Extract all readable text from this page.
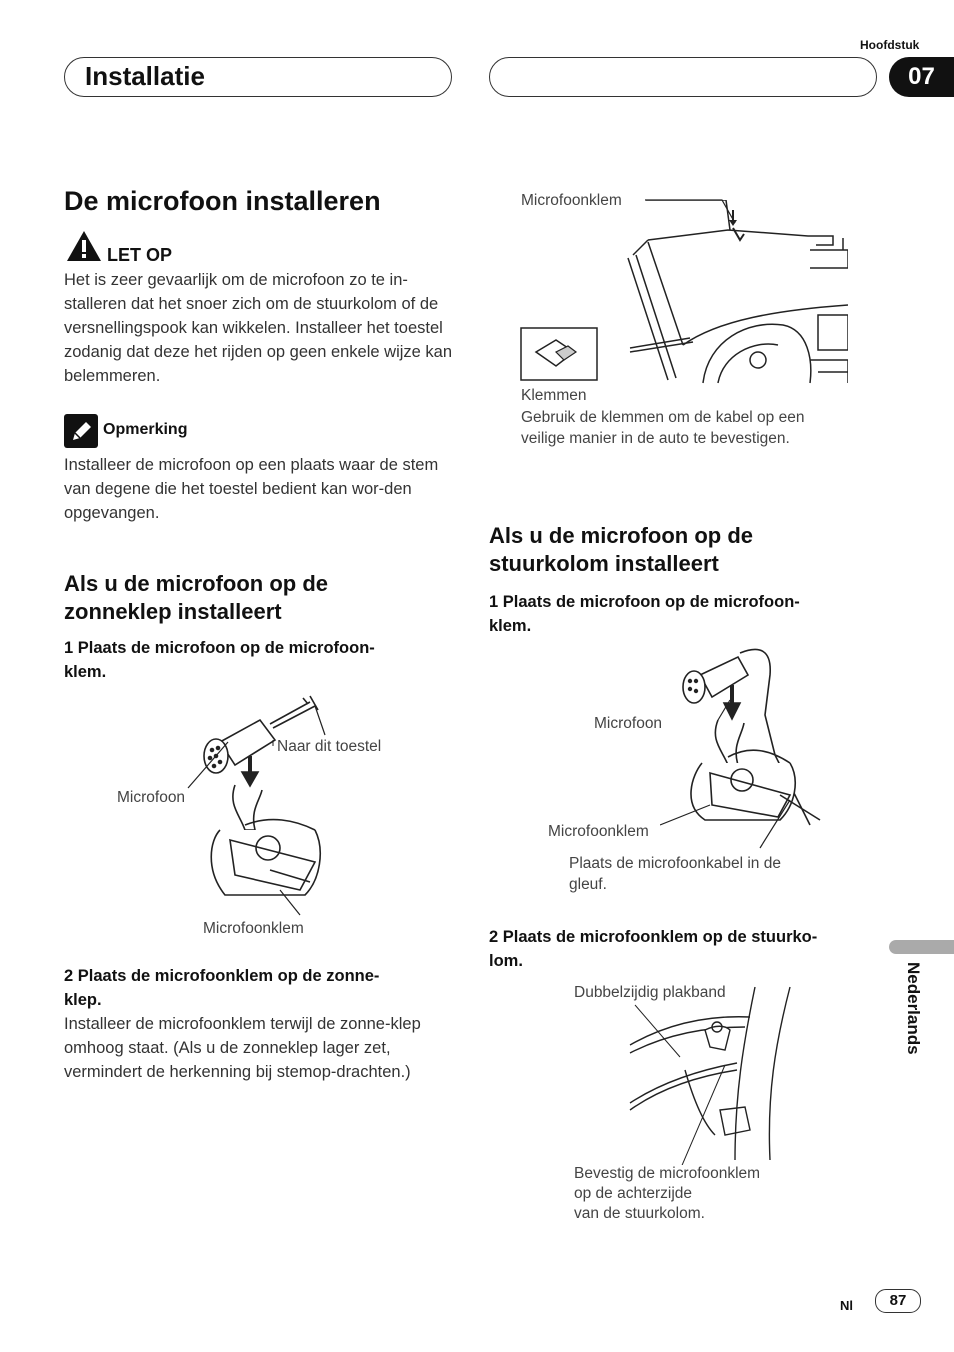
Hoofdstuk
Installatie	07
De microfoon installeren
LET OP
Het is zeer gevaarlijk om de microfoon zo te in-stalleren dat het snoer zich om de stuurkolom of de versnellingspook kan wikkelen. Installeer het toestel zodanig dat deze het rijden op geen enkele wijze kan belemmeren.
Opmerking
Installeer de microfoon op een plaats waar de stem van degene die het toestel bedient kan wor-den opgevangen.
Als u de microfoon op de
zonneklep installeert
1 Plaats de microfoon op de microfoon-
klem.
Naar dit toestel
Microfoon
Microfoonklem
2 Plaats de microfoonklem op de zonne-
klep.
Installeer de microfoonklem terwijl de zonne-klep omhoog staat. (Als u de zonneklep lager zet, vermindert de herkenning bij stemop-drachten.)
Microfoonklem
Klemmen
Gebruik de klemmen om de kabel op een veilige manier in de auto te bevestigen.
Als u de microfoon op de
stuurkolom installeert
1 Plaats de microfoon op de microfoon-
klem.
Microfoon
Microfoonklem
Plaats de microfoonkabel in de
gleuf.
2 Plaats de microfoonklem op de stuurko-
lom.
Dubbelzijdig plakband
Bevestig de microfoonklem
op de achterzijde
van de stuurkolom.
Nederlands
Nl	87
